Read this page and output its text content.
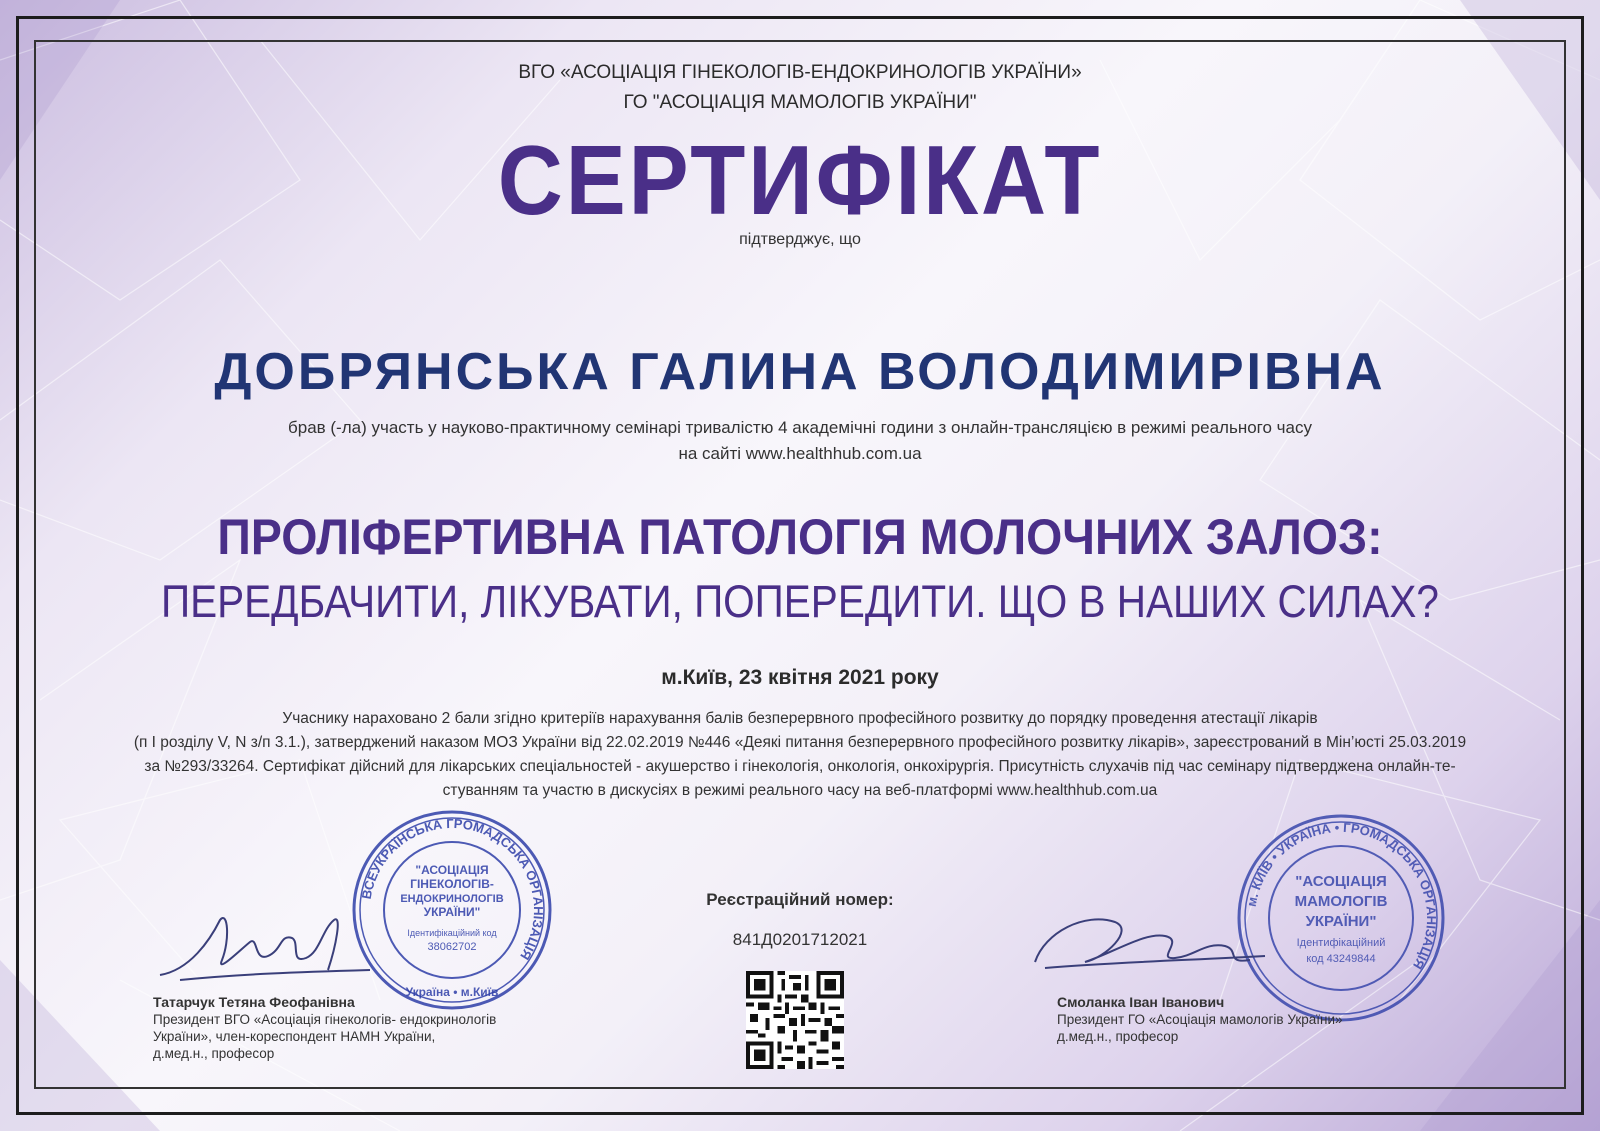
ВГО «АСОЦІАЦІЯ ГІНЕКОЛОГІВ-ЕНДОКРИНОЛОГІВ УКРАЇНИ»
ГО "АСОЦІАЦІЯ МАМОЛОГІВ УКРАЇНИ"
СЕРТИФІКАТ
підтверджує, що
ДОБРЯНСЬКА ГАЛИНА ВОЛОДИМИРІВНА
брав (-ла) участь у науково-практичному семінарі тривалістю 4 академічні години з онлайн-трансляцією в режимі реального часу
на сайті www.healthhub.com.ua
ПРОЛІФЕРТИВНА ПАТОЛОГІЯ МОЛОЧНИХ ЗАЛОЗ:
ПЕРЕДБАЧИТИ, ЛІКУВАТИ, ПОПЕРЕДИТИ. ЩО В НАШИХ СИЛАХ?
м.Київ, 23 квітня 2021 року
Учаснику нараховано 2 бали згідно критеріїв нарахування балів безперервного професійного розвитку до порядку проведення атестації лікарів
(п І розділу V, N з/п 3.1.), затверджений наказом МОЗ України від 22.02.2019 №446 «Деякі питання безперервного професійного розвитку лікарів», зареєстрований в Мін’юсті 25.03.2019
за №293/33264. Сертифікат дійсний для лікарських спеціальностей - акушерство і гінекологія, онкологія, онкохірургія. Присутність слухачів під час семінару підтверджена онлайн-те-
стуванням та участю в дискусіях в режимі реального часу на веб-платформі www.healthhub.com.ua
Реєстраційний номер:
841Д0201712021
ВСЕУКРАЇНСЬКА ГРОМАДСЬКА ОРГАНІЗАЦІЯ
"АСОЦІАЦІЯ
ГІНЕКОЛОГІВ-
ЕНДОКРИНОЛОГІВ
УКРАЇНИ"
Ідентифікаційний код
38062702
Україна • м.Київ
м. КИЇВ • УКРАЇНА • ГРОМАДСЬКА ОРГАНІЗАЦІЯ
"АСОЦІАЦІЯ
МАМОЛОГІВ
УКРАЇНИ"
Ідентифікаційний
код 43249844
Татарчук Тетяна Феофанівна
Президент ВГО «Асоціація гінекологів- ендокринологів
України», член-кореспондент НАМН України,
д.мед.н., професор
Смоланка Іван Іванович
Президент ГО «Асоціація мамологів України»
д.мед.н., професор
